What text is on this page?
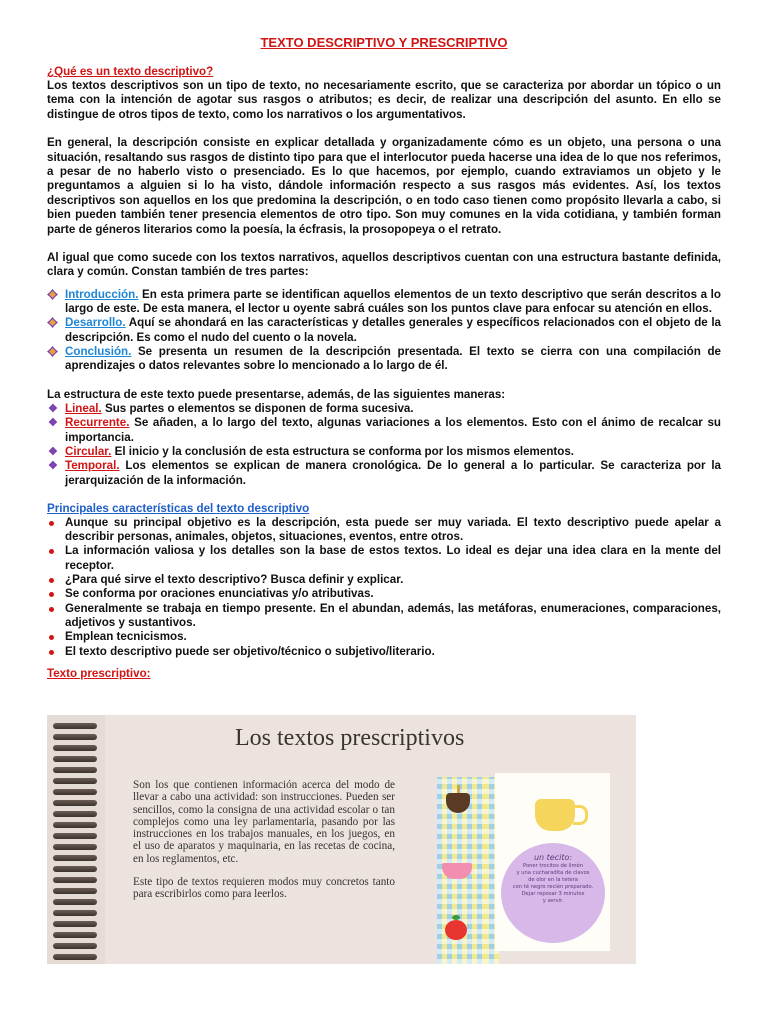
TEXTO DESCRIPTIVO Y PRESCRIPTIVO
¿Qué es un texto descriptivo?

Los textos descriptivos son un tipo de texto, no necesariamente escrito, que se caracteriza por abordar un tópico o un tema con la intención de agotar sus rasgos o atributos; es decir, de realizar una descripción del asunto. En ello se distingue de otros tipos de texto, como los narrativos o los argumentativos.

En general, la descripción consiste en explicar detallada y organizadamente cómo es un objeto, una persona o una situación, resaltando sus rasgos de distinto tipo para que el interlocutor pueda hacerse una idea de lo que nos referimos, a pesar de no haberlo visto o presenciado. Es lo que hacemos, por ejemplo, cuando extraviamos un objeto y le preguntamos a alguien si lo ha visto, dándole información respecto a sus rasgos más evidentes. Así, los textos descriptivos son aquellos en los que predomina la descripción, o en todo caso tienen como propósito llevarla a cabo, si bien pueden también tener presencia elementos de otro tipo. Son muy comunes en la vida cotidiana, y también forman parte de géneros literarios como la poesía, la écfrasis, la prosopopeya o el retrato.

Al igual que como sucede con los textos narrativos, aquellos descriptivos cuentan con una estructura bastante definida, clara y común. Constan también de tres partes:

Introducción. En esta primera parte se identifican aquellos elementos de un texto descriptivo que serán descritos a lo largo de este. De esta manera, el lector u oyente sabrá cuáles son los puntos clave para enfocar su atención en ellos.
Desarrollo. Aquí se ahondará en las características y detalles generales y específicos relacionados con el objeto de la descripción. Es como el nudo del cuento o la novela.
Conclusión. Se presenta un resumen de la descripción presentada. El texto se cierra con una compilación de aprendizajes o datos relevantes sobre lo mencionado a lo largo de él.

La estructura de este texto puede presentarse, además, de las siguientes maneras:

❖ Lineal. Sus partes o elementos se disponen de forma sucesiva.
❖ Recurrente. Se añaden, a lo largo del texto, algunas variaciones a los elementos. Esto con el ánimo de recalcar su importancia.
❖ Circular. El inicio y la conclusión de esta estructura se conforma por los mismos elementos.
❖ Temporal. Los elementos se explican de manera cronológica. De lo general a lo particular. Se caracteriza por la jerarquización de la información.
Principales características del texto descriptivo
Aunque su principal objetivo es la descripción, esta puede ser muy variada. El texto descriptivo puede apelar a describir personas, animales, objetos, situaciones, eventos, entre otros.
La información valiosa y los detalles son la base de estos textos. Lo ideal es dejar una idea clara en la mente del receptor.
¿Para qué sirve el texto descriptivo? Busca definir y explicar.
Se conforma por oraciones enunciativas y/o atributivas.
Generalmente se trabaja en tiempo presente. En el abundan, además, las metáforas, enumeraciones, comparaciones, adjetivos y sustantivos.
Emplean tecnicismos.
El texto descriptivo puede ser objetivo/técnico o subjetivo/literario.
Texto prescriptivo:
Los textos prescriptivos

Son los que contienen información acerca del modo de llevar a cabo una actividad: son instrucciones. Pueden ser sencillos, como la consigna de una actividad escolar o tan complejos como una ley parlamentaria, pasando por las instrucciones en los trabajos manuales, en los juegos, en el uso de aparatos y maquinaria, en las recetas de cocina, en los reglamentos, etc.

Este tipo de textos requieren modos muy concretos tanto para escribirlos como para leerlos.

un tecito:
Poner trocitos de limón
y una cucharadita de clavos
de olor en la tetera
con té negro recién preparado.
Dejar reposar 3 minutos
y servir.
